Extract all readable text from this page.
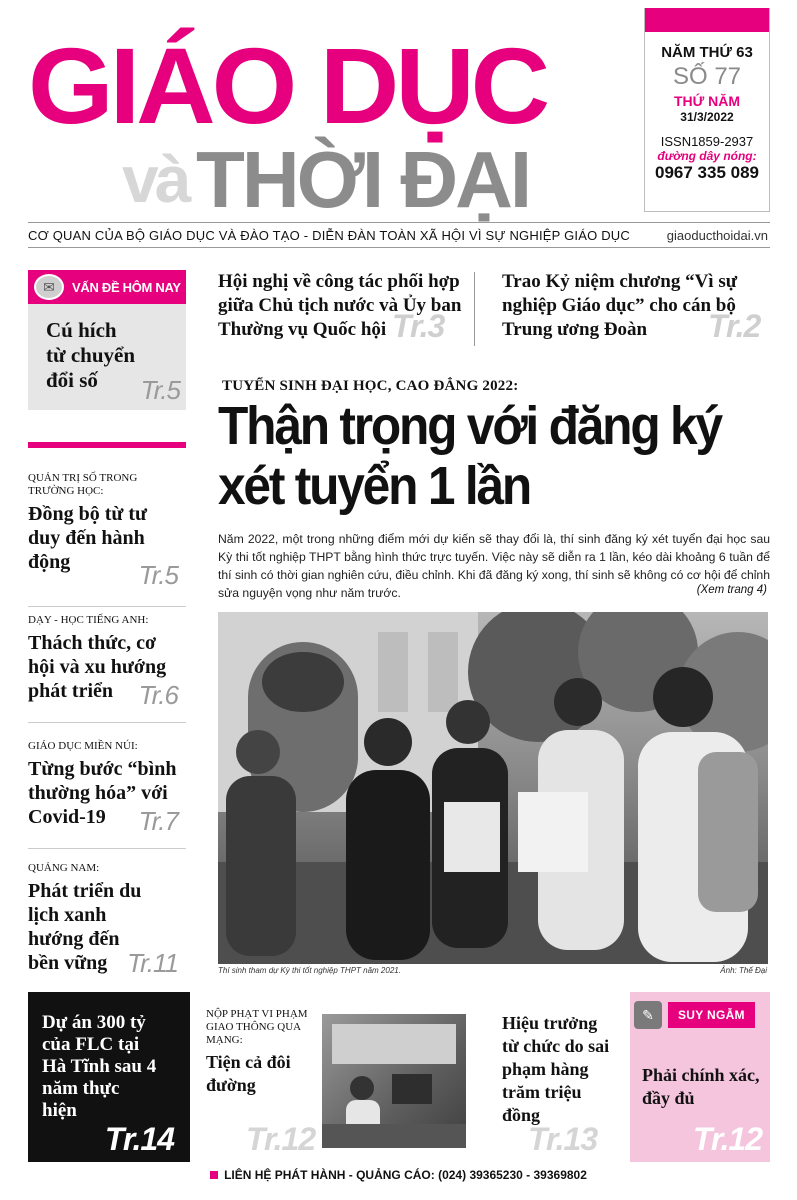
GIÁO DỤC
và THỜI ĐẠI
NĂM THỨ 63
SỐ 77
THỨ NĂM
31/3/2022
ISSN1859-2937
đường dây nóng:
0967 335 089
CƠ QUAN CỦA BỘ GIÁO DỤC VÀ ĐÀO TẠO - DIỄN ĐÀN TOÀN XÃ HỘI VÌ SỰ NGHIỆP GIÁO DỤC	giaoducthoidai.vn
✉	VẤN ĐỀ HÔM NAY
Cú hích từ chuyển đổi số	Tr.5
QUẢN TRỊ SỐ TRONG TRƯỜNG HỌC:
Đồng bộ từ tư duy đến hành động	Tr.5
DẠY - HỌC TIẾNG ANH:
Thách thức, cơ hội và xu hướng phát triển Tr.6
GIÁO DỤC MIỀN NÚI:
Từng bước “bình thường hóa” với Covid-19	Tr.7
QUẢNG NAM:
Phát triển du lịch xanh hướng đến bền vững Tr.11
Hội nghị về công tác phối hợp giữa Chủ tịch nước và Ủy ban Thường vụ Quốc hội Tr.3
Trao Kỷ niệm chương “Vì sự nghiệp Giáo dục” cho cán bộ Trung ương Đoàn Tr.2
TUYỂN SINH ĐẠI HỌC, CAO ĐẲNG 2022:
Thận trọng với đăng ký
xét tuyển 1 lần
Năm 2022, một trong những điểm mới dự kiến sẽ thay đổi là, thí sinh đăng ký xét tuyển đại học sau Kỳ thi tốt nghiệp THPT bằng hình thức trực tuyến. Việc này sẽ diễn ra 1 lần, kéo dài khoảng 6 tuần để thí sinh có thời gian nghiên cứu, điều chỉnh. Khi đã đăng ký xong, thí sinh sẽ không có cơ hội để chỉnh sửa nguyện vọng như năm trước.	(Xem trang 4)
Thí sinh tham dự Kỳ thi tốt nghiệp THPT năm 2021.	Ảnh: Thế Đại
Dự án 300 tỷ của FLC tại Hà Tĩnh sau 4 năm thực hiện
Tr.14
NỘP PHẠT VI PHẠM GIAO THÔNG QUA MẠNG:
Tiện cả đôi đường
Tr.12
Hiệu trưởng từ chức do sai phạm hàng trăm triệu đồng
Tr.13
✎	SUY NGẪM
Phải chính xác, đầy đủ
Tr.12
LIÊN HỆ PHÁT HÀNH - QUẢNG CÁO: (024) 39365230 - 39369802
